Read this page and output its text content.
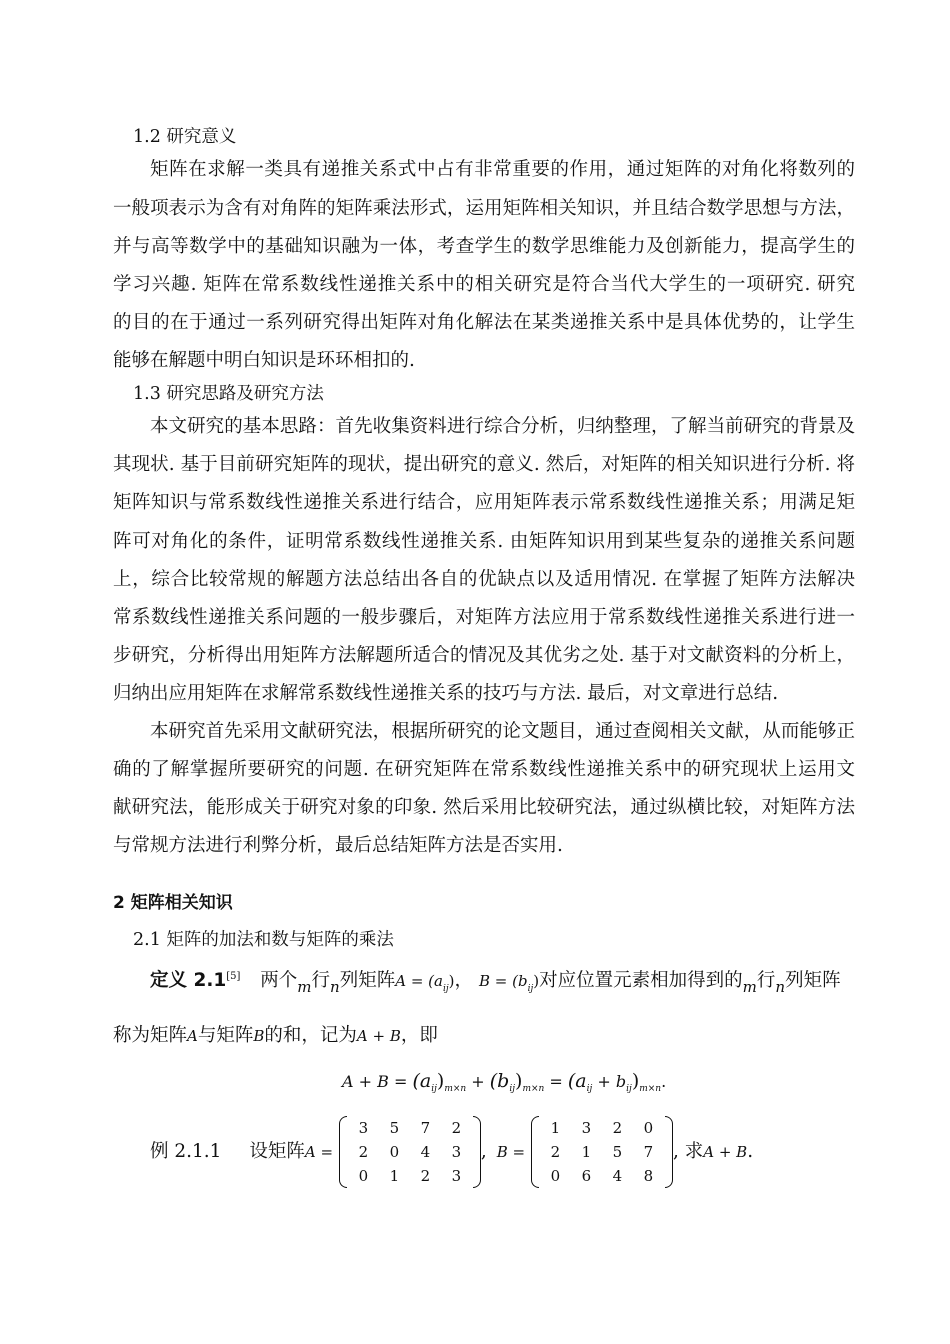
1.2 研究意义
矩阵在求解一类具有递推关系式中占有非常重要的作用，通过矩阵的对角化将数列的
一般项表示为含有对角阵的矩阵乘法形式，运用矩阵相关知识，并且结合数学思想与方法，
并与高等数学中的基础知识融为一体，考查学生的数学思维能力及创新能力，提高学生的
学习兴趣. 矩阵在常系数线性递推关系中的相关研究是符合当代大学生的一项研究. 研究
的目的在于通过一系列研究得出矩阵对角化解法在某类递推关系中是具体优势的，让学生
能够在解题中明白知识是环环相扣的.
1.3 研究思路及研究方法
本文研究的基本思路：首先收集资料进行综合分析，归纳整理，了解当前研究的背景及
其现状. 基于目前研究矩阵的现状，提出研究的意义. 然后，对矩阵的相关知识进行分析. 将
矩阵知识与常系数线性递推关系进行结合，应用矩阵表示常系数线性递推关系；用满足矩
阵可对角化的条件，证明常系数线性递推关系. 由矩阵知识用到某些复杂的递推关系问题
上，综合比较常规的解题方法总结出各自的优缺点以及适用情况. 在掌握了矩阵方法解决
常系数线性递推关系问题的一般步骤后，对矩阵方法应用于常系数线性递推关系进行进一
步研究，分析得出用矩阵方法解题所适合的情况及其优劣之处. 基于对文献资料的分析上，
归纳出应用矩阵在求解常系数线性递推关系的技巧与方法. 最后，对文章进行总结.
本研究首先采用文献研究法，根据所研究的论文题目，通过查阅相关文献，从而能够正
确的了解掌握所要研究的问题. 在研究矩阵在常系数线性递推关系中的研究现状上运用文
献研究法，能形成关于研究对象的印象. 然后采用比较研究法，通过纵横比较，对矩阵方法
与常规方法进行利弊分析，最后总结矩阵方法是否实用.
2 矩阵相关知识
2.1 矩阵的加法和数与矩阵的乘法
定义 2.1[5] 两个$_m$行$_n$列矩阵$A = (a_{ij})$， $B = (b_{ij})$对应位置元素相加得到的$_m$行$_n$列矩阵
称为矩阵A与矩阵B的和，记为A + B，即
$A + B = (a_{ij})_{m\times n} + (b_{ij})_{m\times n} = (a_{ij} + b_{ij})_{m\times n}$.
例 2.1.1 设矩阵A =
3	5	7	2
2	0	4	3
0	1	2	3
, B =
1	3	2	0
2	1	5	7
0	6	4	8
, 求A + B.
